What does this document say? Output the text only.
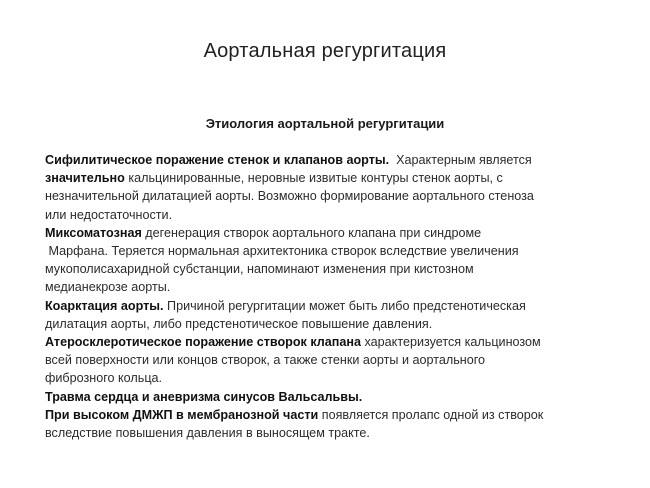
Аортальная регургитация
Этиология аортальной регургитации
Сифилитическое поражение стенок и клапанов аорты.  Характерным является
значительно кальцинированные, неровные извитые контуры стенок аорты, с
незначительной дилатацией аорты. Возможно формирование аортального стеноза
или недостаточности.
Миксоматозная дегенерация створок аортального клапана при синдроме
Марфана. Теряется нормальная архитектоника створок вследствие увеличения
мукополисахаридной субстанции, напоминают изменения при кистозном
медианекрозе аорты.
Коарктация аорты. Причиной регургитации может быть либо предстенотическая
дилатация аорты, либо предстенотическое повышение давления.
Атеросклеротическое поражение створок клапана характеризуется кальцинозом
всей поверхности или концов створок, а также стенки аорты и аортального
фиброзного кольца.
Травма сердца и аневризма синусов Вальсальвы.
При высоком ДМЖП в мембранозной части появляется пролапс одной из створок
вследствие повышения давления в выносящем тракте.
